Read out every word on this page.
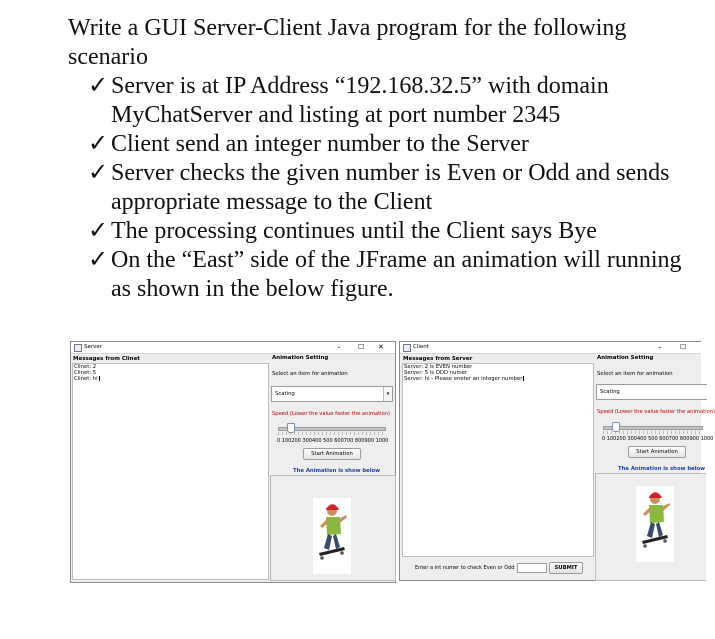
Write a GUI Server-Client Java program for the following scenario

✓ Server is at IP Address “192.168.32.5” with domain MyChatServer and listing at port number 2345
✓ Client send an integer number to the Server
✓ Server checks the given number is Even or Odd and sends appropriate message to the Client
✓ The processing continues until the Client says Bye
✓ On the “East” side of the JFrame an animation will running as shown in the below figure.
Server	–	☐ ✕
Messages from Clinet
Clinet: 2
Clinet: 5
Clinet: hi
Animation Setting
Select an item for animation
Scating	▾
Speed (Lower the value faster the animation)
0 100200 300400 500 600700 800900 1000
Start Animation
The Animation is show below
Client	–	☐
Messages from Server
Server: 2 is EVEN number
Server: 5 is ODD numer
Server: hi - Please eneter an integer number
Enter a int numer to check Even or Odd	SUBMIT
Animation Setting
Select an item for animation
Scating
Speed (Lower the value faster the animation)
0 100200 300400 500 600700 800900 1000
Start Animation
The Animation is show below
